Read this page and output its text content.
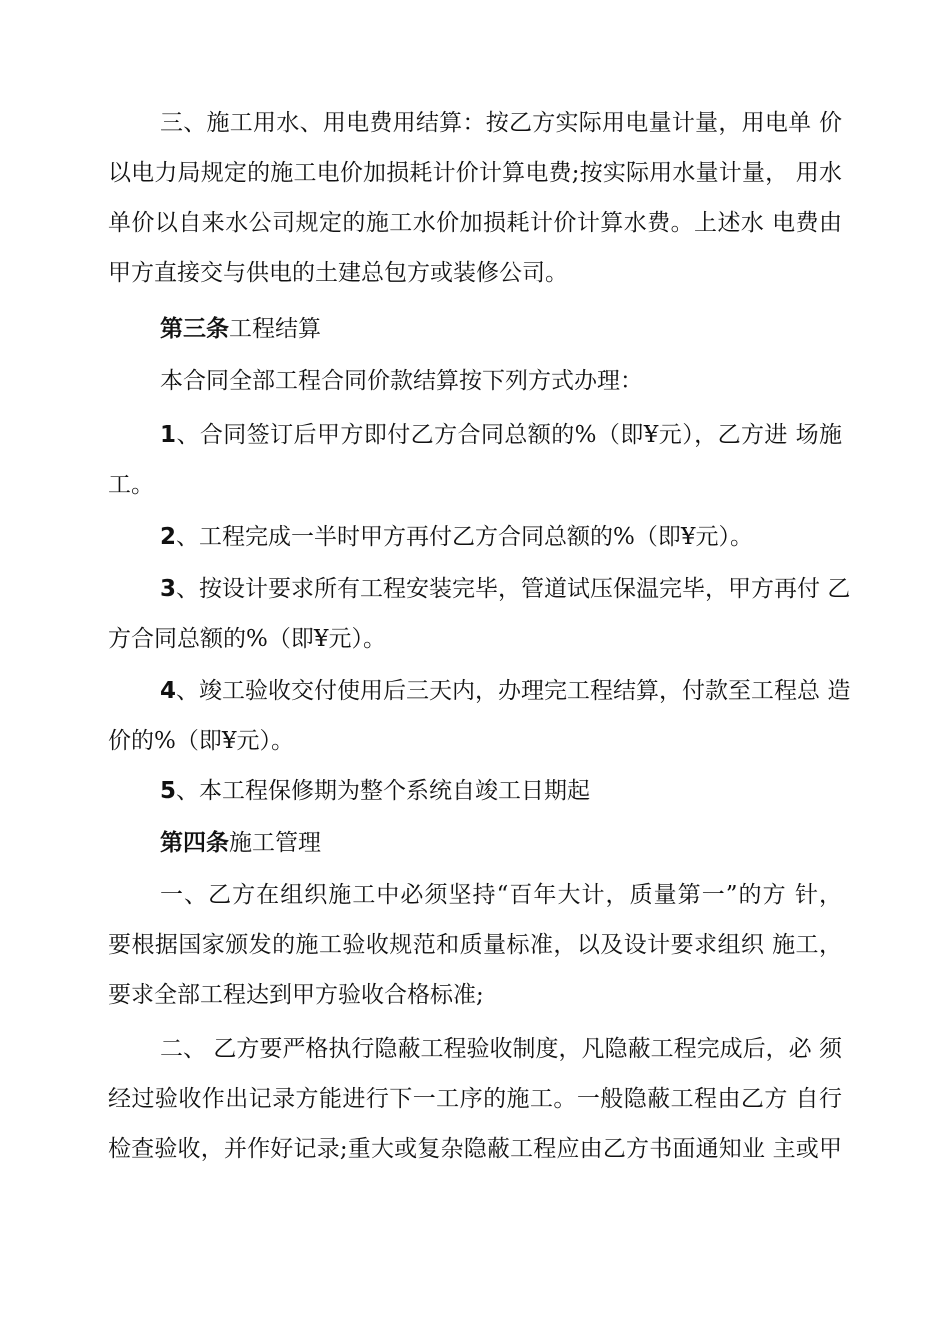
三、施工用水、用电费用结算：按乙方实际用电量计量，用电单 价
以电力局规定的施工电价加损耗计价计算电费;按实际用水量计量， 用水
单价以自来水公司规定的施工水价加损耗计价计算水费。上述水 电费由
甲方直接交与供电的土建总包方或装修公司。
第三条工程结算
本合同全部工程合同价款结算按下列方式办理：
1、合同签订后甲方即付乙方合同总额的%（即¥元），乙方进 场施
工。
2、工程完成一半时甲方再付乙方合同总额的%（即¥元）。
3、按设计要求所有工程安装完毕，管道试压保温完毕，甲方再付 乙
方合同总额的%（即¥元）。
4、竣工验收交付使用后三天内，办理完工程结算，付款至工程总 造
价的%（即¥元）。
5、本工程保修期为整个系统自竣工日期起
第四条施工管理
一、乙方在组织施工中必须坚持“百年大计，质量第一”的方 针，
要根据国家颁发的施工验收规范和质量标准，以及设计要求组织 施工，
要求全部工程达到甲方验收合格标准;
二、 乙方要严格执行隐蔽工程验收制度，凡隐蔽工程完成后，必 须
经过验收作出记录方能进行下一工序的施工。一般隐蔽工程由乙方 自行
检查验收，并作好记录;重大或复杂隐蔽工程应由乙方书面通知业 主或甲
